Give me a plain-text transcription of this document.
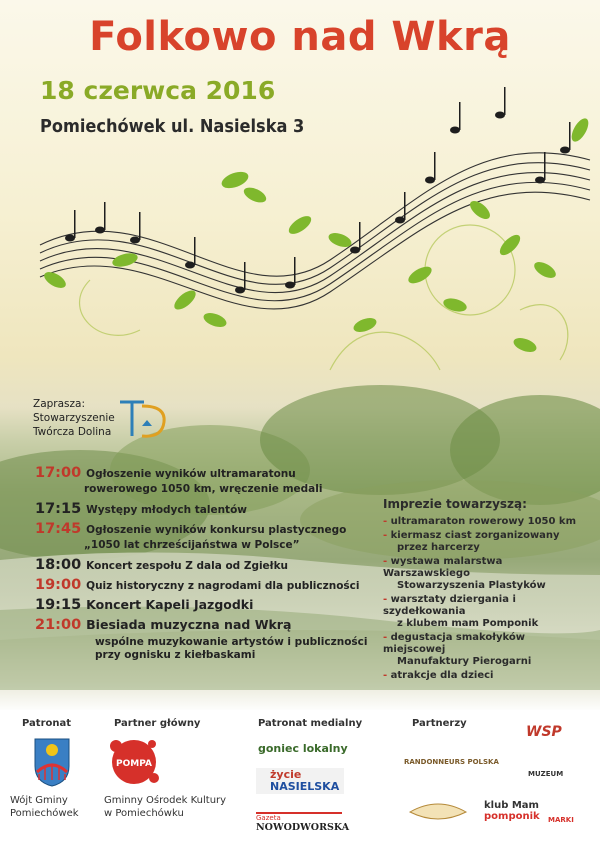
Folkowo nad Wkrą
18 czerwca 2016
Pomiechówek ul. Nasielska 3
Zaprasza:
Stowarzyszenie
Twórcza Dolina
17:00 Ogłoszenie wyników ultramaratonu
rowerowego 1050 km, wręczenie medali
17:15 Występy młodych talentów
17:45 Ogłoszenie wyników konkursu plastycznego
„1050 lat chrześcijaństwa w Polsce”
18:00 Koncert zespołu Z dala od Zgiełku
19:00 Quiz historyczny z nagrodami dla publiczności
19:15 Koncert Kapeli Jazgodki
21:00 Biesiada muzyczna nad Wkrą
wspólne muzykowanie artystów i publiczności
przy ognisku z kiełbaskami
Imprezie towarzyszą:
- ultramaraton rowerowy 1050 km
- kiermasz ciast zorganizowany
przez harcerzy
- wystawa malarstwa Warszawskiego
Stowarzyszenia Plastyków
- warsztaty dziergania i szydełkowania
z klubem mam Pomponik
- degustacja smakołyków miejscowej
Manufaktury Pierogarni
- atrakcje dla dzieci
Patronat
Wójt Gminy
Pomiechówek
Partner główny
POMPA
Gminny Ośrodek Kultury
w Pomiechówku
Patronat medialny
goniec lokalny
życie
NASIELSKA
Gazeta
NOWODWORSKA
Partnerzy
RANDONNEURS POLSKA
WSP
MUZEUM
klub Mam
pomponik MARKI
